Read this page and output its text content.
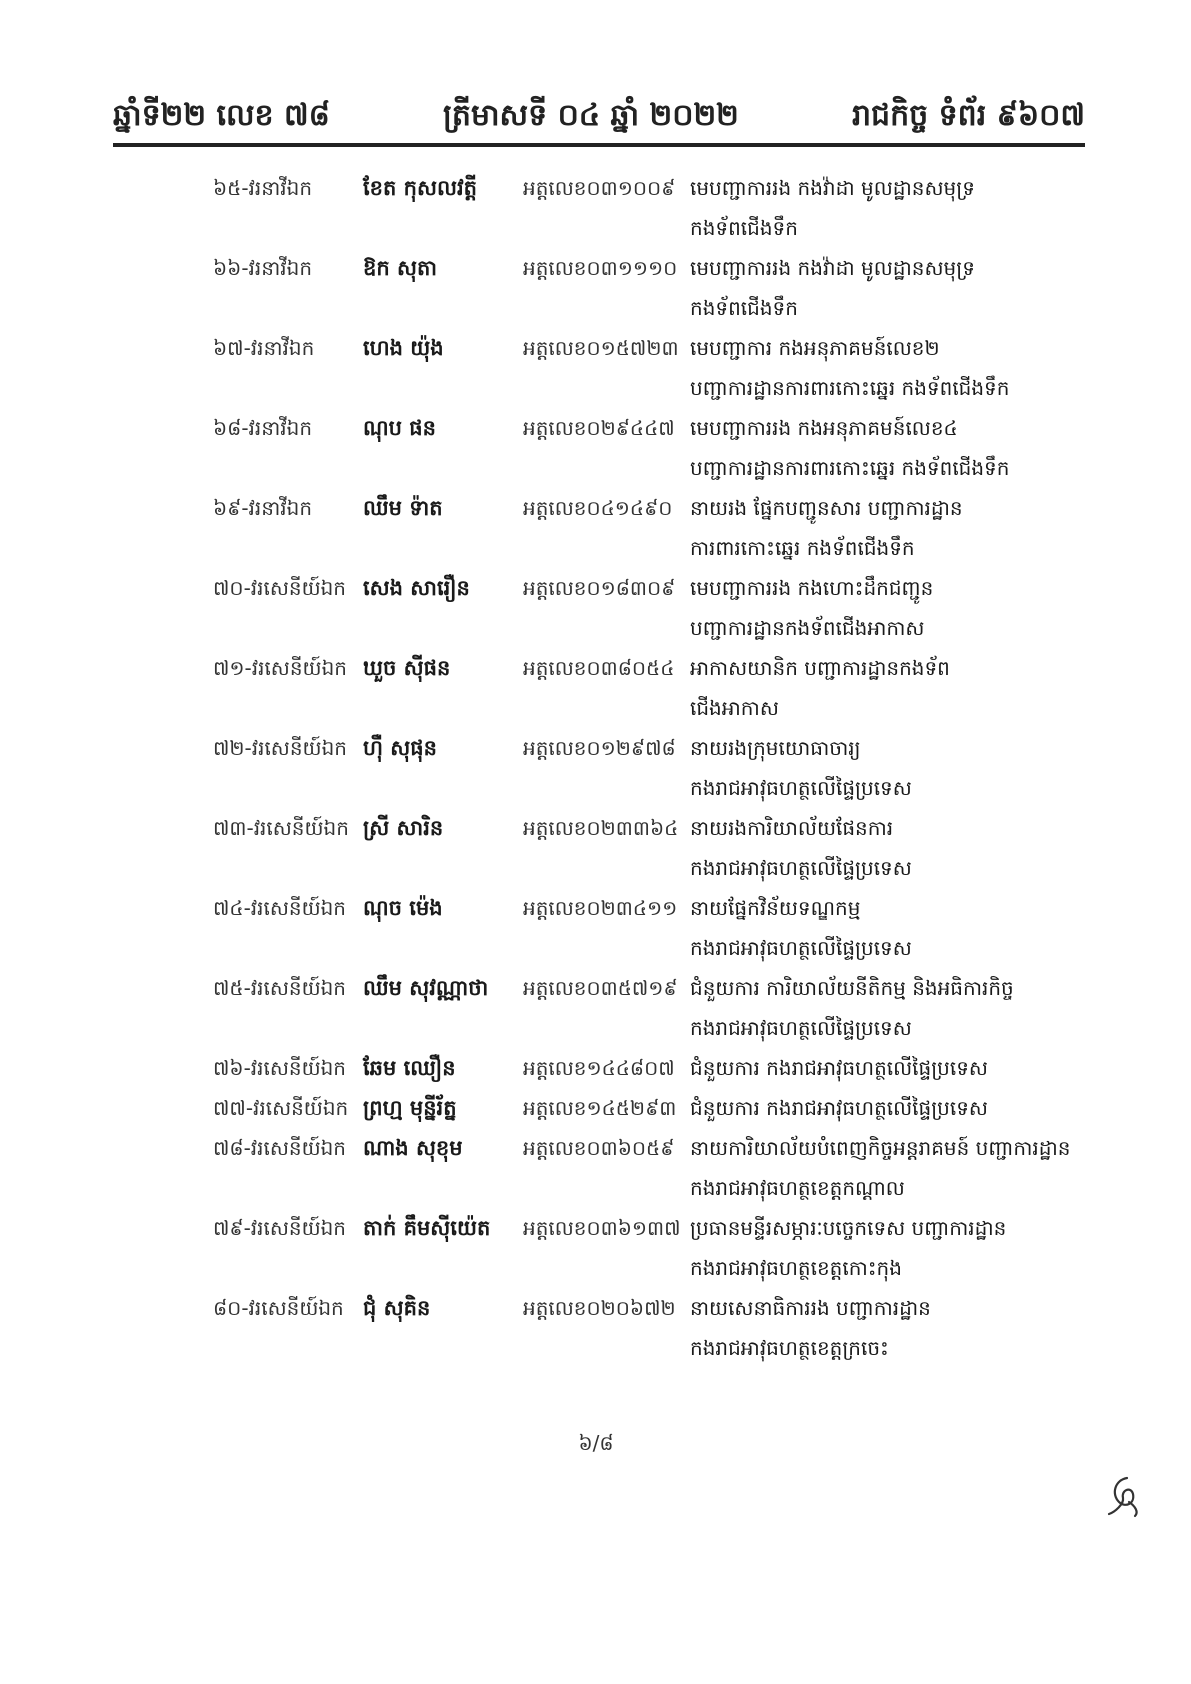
ឆ្នាំទី២២ លេខ ៧៨	ត្រីមាសទី ០៤ ឆ្នាំ ២០២២	រាជកិច្ច ទំព័រ ៩៦០៧
៦៥-វរនាវីឯក	ខែត កុសលវត្តី	អត្តលេខ០៣១០០៩ មេបញ្ជាការរង កងវ៉ាដា មូលដ្ឋានសមុទ្រ
កងទ័ពជើងទឹក
៦៦-វរនាវីឯក	ឱក សុតា	អត្តលេខ០៣១១១០ មេបញ្ជាការរង កងវ៉ាដា មូលដ្ឋានសមុទ្រ
កងទ័ពជើងទឹក
៦៧-វរនាវីឯក	ហេង យ៉ុង	អត្តលេខ០១៥៧២៣ មេបញ្ជាការ កងអនុភាគមន៍លេខ២
បញ្ជាការដ្ឋានការពារកោះឆ្នេរ កងទ័ពជើងទឹក
៦៨-វរនាវីឯក	ណុប ផន	អត្តលេខ០២៩៤៤៧ មេបញ្ជាការរង កងអនុភាគមន៍លេខ៤
បញ្ជាការដ្ឋានការពារកោះឆ្នេរ កងទ័ពជើងទឹក
៦៩-វរនាវីឯក	ឈឹម ទ៉ាត	អត្តលេខ០៤១៤៩០ នាយរង ផ្នែកបញ្ជូនសារ បញ្ជាការដ្ឋាន
ការពារកោះឆ្នេរ កងទ័ពជើងទឹក
៧០-វរសេនីយ៍ឯក សេង សារឿន	អត្តលេខ០១៨៣០៩ មេបញ្ជាការរង កងហោះដឹកជញ្ជូន
បញ្ជាការដ្ឋានកងទ័ពជើងអាកាស
៧១-វរសេនីយ៍ឯក ឃួច ស៊ីផន	អត្តលេខ០៣៨០៥៤ អាកាសយានិក បញ្ជាការដ្ឋានកងទ័ព
ជើងអាកាស
៧២-វរសេនីយ៍ឯក ហ៊ឺ សុផុន	អត្តលេខ០១២៩៧៨ នាយរងក្រុមយោធាចារ្យ
កងរាជអាវុធហត្ថលើផ្ទៃប្រទេស
៧៣-វរសេនីយ៍ឯក ស្រី សារិន	អត្តលេខ០២៣៣៦៤ នាយរងការិយាល័យផែនការ
កងរាជអាវុធហត្ថលើផ្ទៃប្រទេស
៧៤-វរសេនីយ៍ឯក ណុច ម៉េង	អត្តលេខ០២៣៤១១ នាយផ្នែកវិន័យទណ្ឌកម្ម
កងរាជអាវុធហត្ថលើផ្ទៃប្រទេស
៧៥-វរសេនីយ៍ឯក ឈឹម សុវណ្ណាថា	អត្តលេខ០៣៥៧១៩ ជំនួយការ ការិយាល័យនីតិកម្ម និងអធិការកិច្ច
កងរាជអាវុធហត្ថលើផ្ទៃប្រទេស
៧៦-វរសេនីយ៍ឯក ឆែម ឈឿន	អត្តលេខ១៤៤៨០៧ ជំនួយការ កងរាជអាវុធហត្ថលើផ្ទៃប្រទេស
៧៧-វរសេនីយ៍ឯក ព្រហ្ម មុន្នីរ័ត្ន	អត្តលេខ១៤៥២៩៣ ជំនួយការ កងរាជអាវុធហត្ថលើផ្ទៃប្រទេស
៧៨-វរសេនីយ៍ឯក ណាង សុខុម	អត្តលេខ០៣៦០៥៩ នាយការិយាល័យបំពេញកិច្ចអន្តរាគមន៍ បញ្ជាការដ្ឋាន
កងរាជអាវុធហត្ថខេត្តកណ្ដាល
៧៩-វរសេនីយ៍ឯក តាក់ គឹមស៊ីយ៉េត	អត្តលេខ០៣៦១៣៧ ប្រធានមន្ទីរសម្ភារៈបច្ចេកទេស បញ្ជាការដ្ឋាន
កងរាជអាវុធហត្ថខេត្តកោះកុង
៨០-វរសេនីយ៍ឯក ជុំ សុគិន	អត្តលេខ០២០៦៧២ នាយសេនាធិការរង បញ្ជាការដ្ឋាន
កងរាជអាវុធហត្ថខេត្តក្រចេះ
៦/៨
